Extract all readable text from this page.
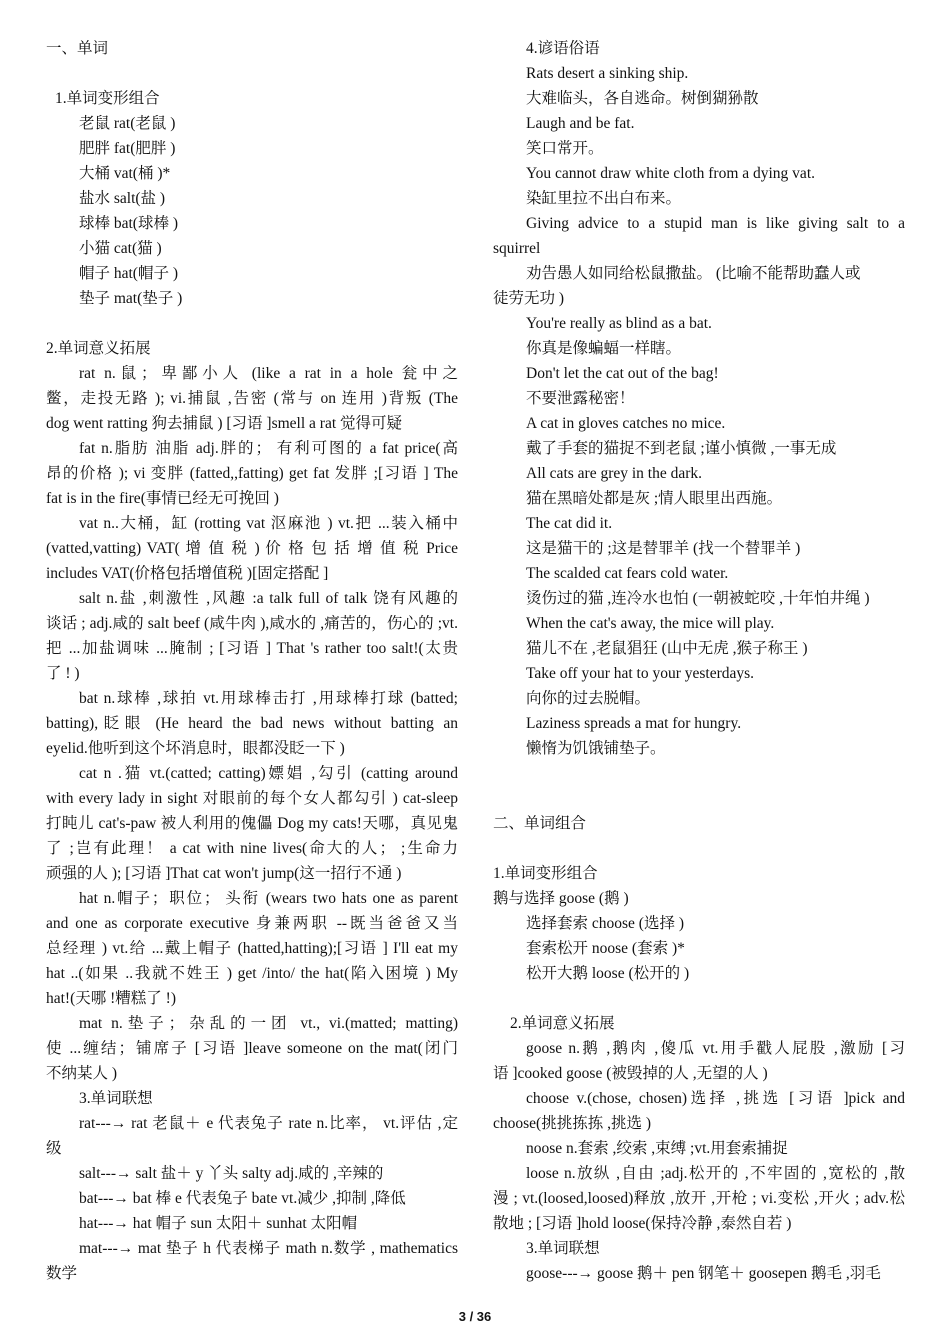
一、单词
1.单词变形组合
老鼠 rat(老鼠 )
肥胖 fat(肥胖 )
大桶 vat(桶 )*
盐水 salt(盐 )
球棒 bat(球棒 )
小猫 cat(猫 )
帽子 hat(帽子 )
垫子 mat(垫子 )
2.单词意义拓展
rat n.鼠；卑鄙小人 (like a rat in a hole 瓮中之
鳖，走投无路 ); vi.捕鼠 ,告密 (常与 on 连用 )背叛 (The
dog went ratting 狗去捕鼠 ) [习语 ]smell a rat 觉得可疑
fat n.脂肪 油脂 adj.胖的； 有利可图的 a fat price(高
昂的价格 ); vi 变胖 (fatted,,fatting) get fat 发胖 ;[习语 ] The
fat is in the fire(事情已经无可挽回 )
vat n..大桶，缸 (rotting vat 沤麻池 ) vt.把 ...装入桶中
(vatted,vatting) VAT( 增 值 税 ) 价 格 包 括 增 值 税 Price
includes VAT(价格包括增值税 )[固定搭配 ]
salt n.盐 ,刺激性 ,风趣 :a talk full of talk 饶有风趣的
谈话 ; adj.咸的 salt beef (咸牛肉 ),咸水的 ,痛苦的，伤心的 ;vt.
把 ...加盐调味 ...腌制 ; [习语 ] That 's rather too salt!(太贵
了 ! )
bat n.球棒 ,球拍 vt.用球棒击打 ,用球棒打球 (batted;
batting),眨眼 (He heard the bad news without batting an
eyelid.他听到这个坏消息时，眼都没眨一下 )
cat n .猫 vt.(catted; catting)嫖娼 ,勾引 (catting around
with every lady in sight 对眼前的每个女人都勾引 ) cat-sleep
打盹儿 cat's-paw 被人利用的傀儡 Dog my cats!天哪，真见鬼
了 ;岂有此理！ a cat with nine lives(命大的人； ;生命力
顽强的人 ); [习语 ]That cat won't jump(这一招行不通 )
hat n.帽子；职位； 头衔 (wears two hats one as parent
and one as corporate executive 身兼两职 --既当爸爸又当
总经理 ) vt.给 ...戴上帽子 (hatted,hatting);[习语 ] I'll eat my
hat ..(如果 ..我就不姓王 ) get /into/ the hat(陷入困境 ) My
hat!(天哪 !糟糕了 !)
mat n.垫子；杂乱的一团 vt., vi.(matted; matting)
使 ...缠结；铺席子 [习语 ]leave someone on the mat(闭门
不纳某人 )
3.单词联想
rat---→ rat 老鼠＋ e 代表兔子 rate n.比率， vt.评估 ,定
级
salt---→ salt 盐＋ y 丫头 salty adj.咸的 ,辛辣的
bat---→ bat 棒 e 代表兔子 bate vt.减少 ,抑制 ,降低
hat---→ hat 帽子 sun 太阳＋ sunhat 太阳帽
mat---→ mat 垫子 h 代表梯子 math n.数学 , mathematics
数学
4.谚语俗语
Rats desert a sinking ship.
大难临头，各自逃命。树倒猢狲散
Laugh and be fat.
笑口常开。
You cannot draw white cloth from a dying vat.
染缸里拉不出白布来。
Giving advice to a stupid man is like giving salt to a
squirrel
劝告愚人如同给松鼠撒盐。 (比喻不能帮助蠢人或
徒劳无功 )
You're really as blind as a bat.
你真是像蝙蝠一样瞎。
Don't let the cat out of the bag!
不要泄露秘密！
A cat in gloves catches no mice.
戴了手套的猫捉不到老鼠 ;谨小慎微 ,一事无成
All cats are grey in the dark.
猫在黑暗处都是灰 ;情人眼里出西施。
The cat did it.
这是猫干的 ;这是替罪羊 (找一个替罪羊 )
The scalded cat fears cold water.
烫伤过的猫 ,连冷水也怕 (一朝被蛇咬 ,十年怕井绳 )
When the cat's away, the mice will play.
猫儿不在 ,老鼠猖狂 (山中无虎 ,猴子称王 )
Take off your hat to your yesterdays.
向你的过去脱帽。
Laziness spreads a mat for hungry.
懒惰为饥饿铺垫子。
二、单词组合
1.单词变形组合
鹅与选择 goose (鹅 )
选择套索 choose (选择 )
套索松开 noose (套索 )*
松开大鹅 loose (松开的 )
2.单词意义拓展
goose n.鹅 ,鹅肉 ,傻瓜 vt.用手戳人屁股 ,激励 [习
语 ]cooked goose (被毁掉的人 ,无望的人 )
choose v.(chose, chosen)选择 ,挑选 [习语 ]pick and
choose(挑挑拣拣 ,挑选 )
noose n.套索 ,绞索 ,束缚 ;vt.用套索捕捉
loose n.放纵 ,自由 ;adj.松开的 ,不牢固的 ,宽松的 ,散
漫 ; vt.(loosed,loosed)释放 ,放开 ,开枪 ; vi.变松 ,开火 ; adv.松
散地 ; [习语 ]hold loose(保持冷静 ,泰然自若 )
3.单词联想
goose---→ goose 鹅＋ pen 钢笔＋ goosepen 鹅毛 ,羽毛
3 / 36
